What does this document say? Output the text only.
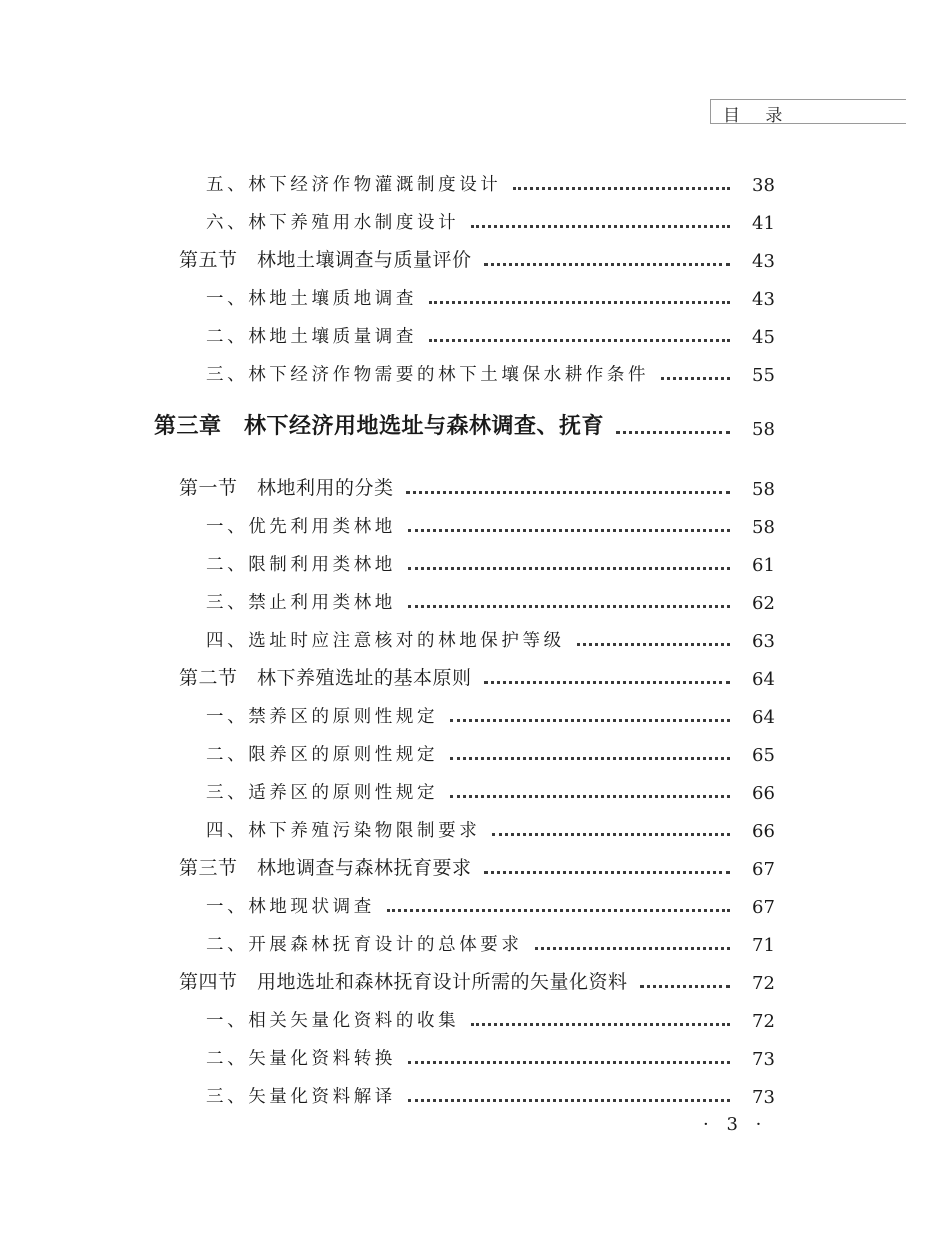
目 录
五、林下经济作物灌溉制度设计	38
六、林下养殖用水制度设计	41
第五节　林地土壤调查与质量评价	43
一、林地土壤质地调查	43
二、林地土壤质量调查	45
三、林下经济作物需要的林下土壤保水耕作条件	55
第三章　林下经济用地选址与森林调查、抚育	58
第一节　林地利用的分类	58
一、优先利用类林地	58
二、限制利用类林地	61
三、禁止利用类林地	62
四、选址时应注意核对的林地保护等级	63
第二节　林下养殖选址的基本原则	64
一、禁养区的原则性规定	64
二、限养区的原则性规定	65
三、适养区的原则性规定	66
四、林下养殖污染物限制要求	66
第三节　林地调查与森林抚育要求	67
一、林地现状调查	67
二、开展森林抚育设计的总体要求	71
第四节　用地选址和森林抚育设计所需的矢量化资料	72
一、相关矢量化资料的收集	72
二、矢量化资料转换	73
三、矢量化资料解译	73
· 3 ·
